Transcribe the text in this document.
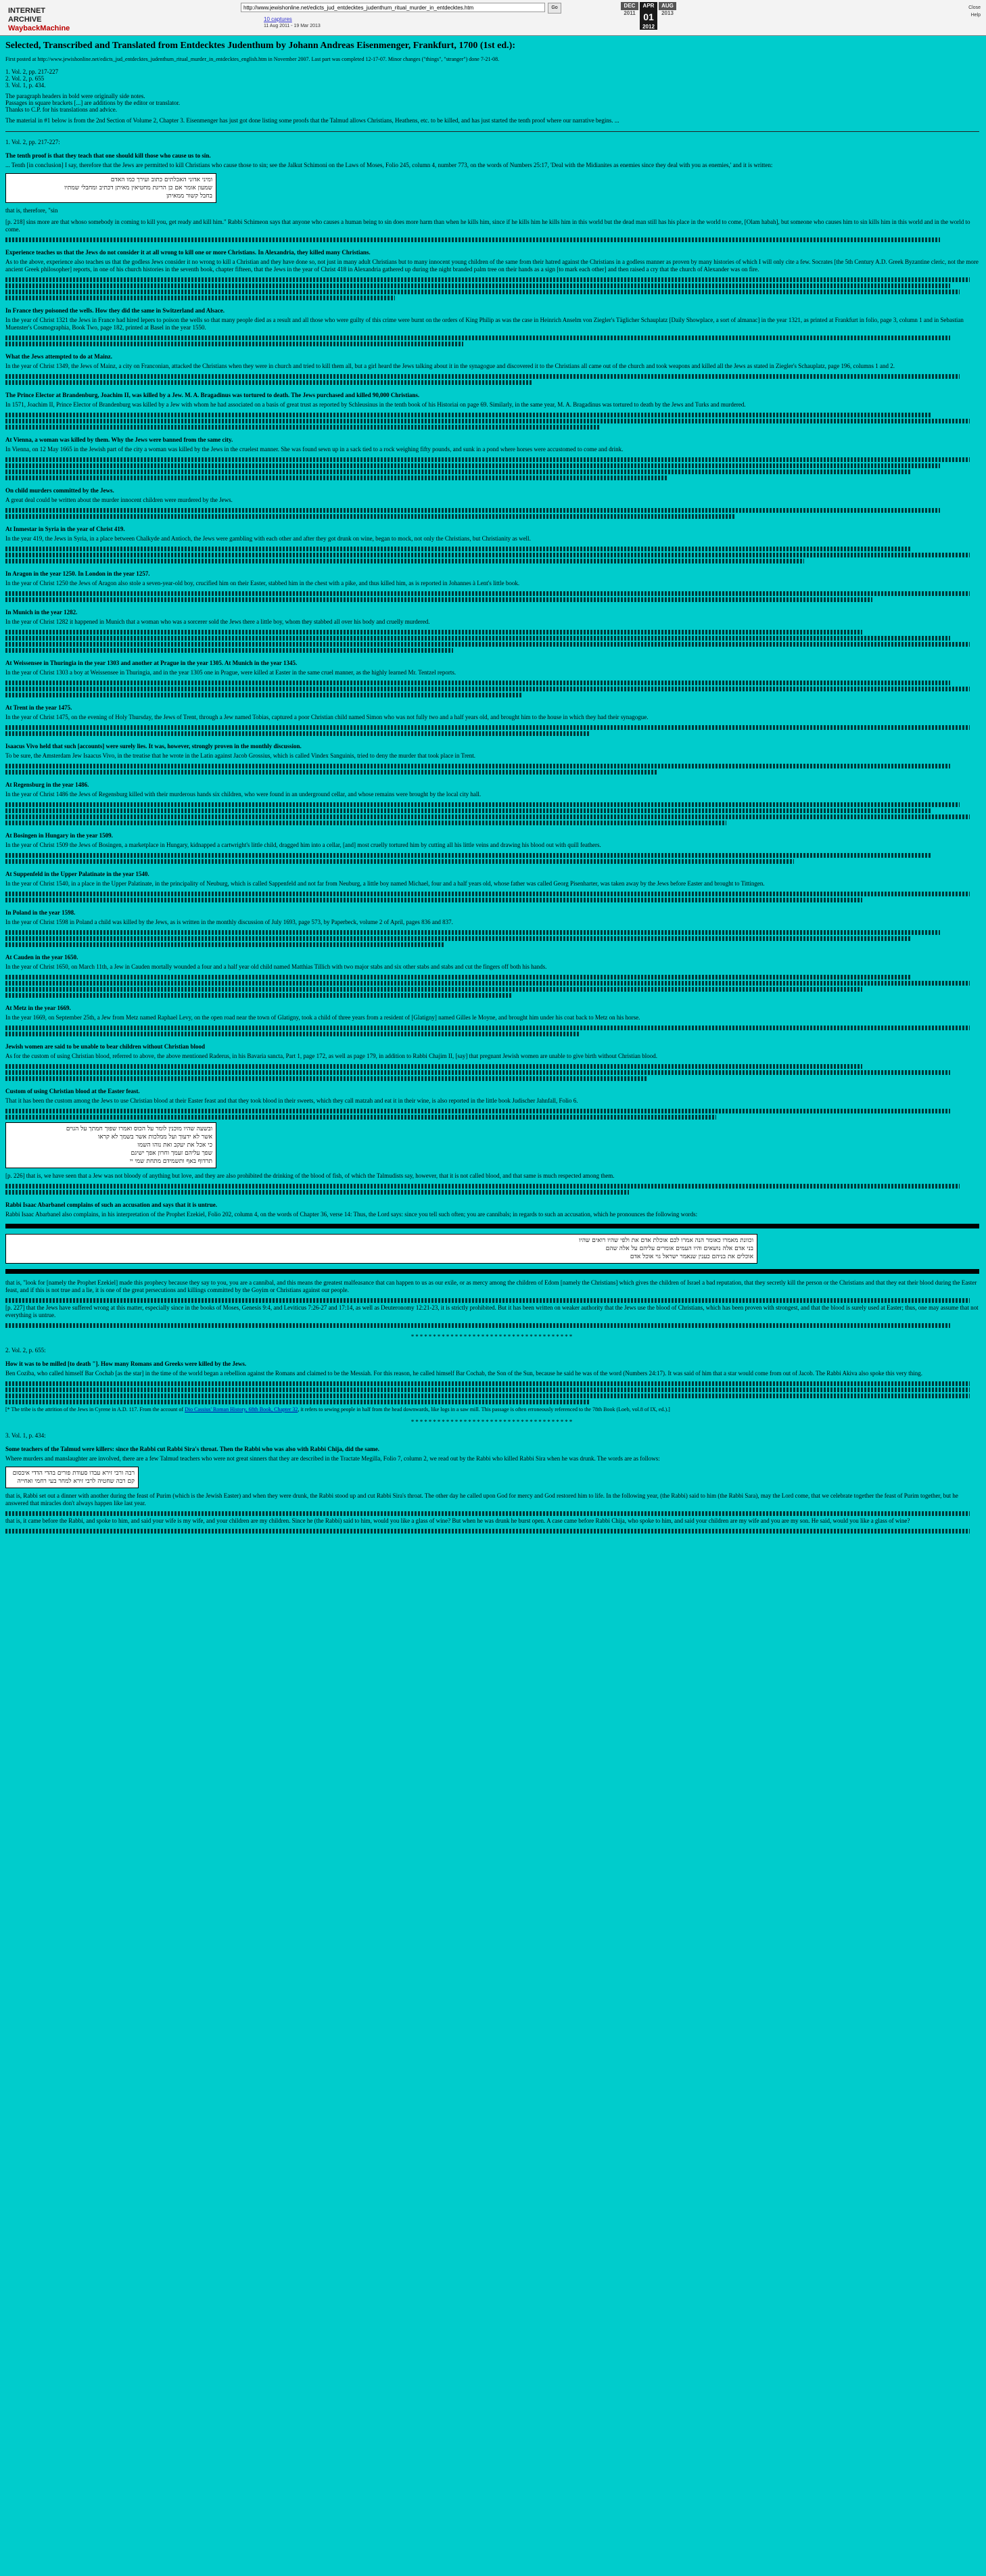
INTERNET ARCHIVE
WaybackMachine
http://www.jewishonline.net/edicts_jud_entdecktes_judenthum_ritual_murder_in_entdecktes.htm	Go
10 captures
11 Aug 2011 - 19 Mar 2013
DEC
2011
APR
01
2012
AUG
2013
Close
Help
Selected, Transcribed and Translated from Entdecktes Judenthum by Johann Andreas Eisenmenger, Frankfurt, 1700 (1st ed.):

First posted at http://www.jewishonline.net/edicts_jud_entdecktes_judenthum_ritual_murder_in_entdecktes_english.htm in November 2007. Last part was completed 12-17-07. Minor changes ("things", "stranger") done 7-21-08.

1. Vol. 2, pp. 217-227
2. Vol. 2, p. 655
3. Vol. 1, p. 434.
The paragraph headers in bold were originally side notes.
Passages in square brackets [...] are additions by the editor or translator.
Thanks to C.P. for his translations and advice.

The material in #1 below is from the 2nd Section of Volume 2, Chapter 3. Eisenmenger has just got done listing some proofs that the Talmud allows Christians, Heathens, etc. to be killed, and has just started the tenth proof where our narrative begins. ...

1. Vol. 2, pp. 217-227:
The tenth proof is that they teach that one should kill those who cause us to sin.

... Tenth [in conclusion] I say, therefore that the Jews are permitted to kill Christians who cause those to sin; see the Jalkut Schimoni on the Laws of Moses, Folio 245, column 4, number 773, on the words of Numbers 25:17, 'Deal with the Midianites as enemies since they deal with you as enemies,' and it is written:

ומיני אדוני האכלתים כתוב ועירך כמו האדם
שמעון אומר אם כן הריגת מחטיאין מאיתן דכתיב ומחבלי שמתיו
בחבל קשור ממאיתן

that is, therefore, "sin

[p. 218] sins more are that whoso somebody in coming to kill you, get ready and kill him." Rabbi Schimeon says that anyone who causes a human being to sin does more harm than when he kills him, since if he kills him he kills him in this world but the dead man still has his place in the world to come, [Olam habah], but someone who causes him to sin kills him in this world and in the world to come.

Experience teaches us that the Jews do not consider it at all wrong to kill one or more Christians. In Alexandria, they killed many Christians.

As to the above, experience also teaches us that the godless Jews consider it no wrong to kill a Christian and they have done so, not just in many adult Christians but to many innocent young children of the same from their hatred against the Christians in a godless manner as proven by many histories of which I will only cite a few. Socrates [the 5th Century A.D. Greek Byzantine cleric, not the more ancient Greek philosopher] reports, in one of his church histories in the seventh book, chapter fifteen, that the Jews in the year of Christ 418 in Alexandria gathered up during the night branded palm tree on their hands as a sign [to mark each other] and then raised a cry that the church of Alexander was on fire.

In France they poisoned the wells. How they did the same in Switzerland and Alsace.

In the year of Christ 1321 the Jews in France had hired lepers to poison the wells so that many people died as a result and all those who were guilty of this crime were burnt on the orders of King Philip as was the case in Heinrich Anselm von Ziegler's Täglicher Schauplatz [Daily Showplace, a sort of almanac] in the year 1321, as printed at Frankfurt in folio, page 3, column 1 and in Sebastian Muenster's Cosmographia, Book Two, page 182, printed at Basel in the year 1550.

What the Jews attempted to do at Mainz.

In the year of Christ 1349, the Jews of Mainz, a city on Franconian, attacked the Christians when they were in church and tried to kill them all, but a girl heard the Jews talking about it in the synagogue and discovered it to the Christians all came out of the church and took weapons and killed all the Jews as stated in Ziegler's Schauplatz, page 196, columns 1 and 2.

The Prince Elector at Brandenburg, Joachim II, was killed by a Jew. M. A. Bragadinus was tortured to death. The Jews purchased and killed 90,000 Christians.

In 1571, Joachim II, Prince Elector of Brandenburg was killed by a Jew with whom he had associated on a basis of great trust as reported by Schleusinus in the tenth book of his Historiai on page 69. Similarly, in the same year, M. A. Bragadinus was tortured to death by the Jews and Turks and murdered.

At Vienna, a woman was killed by them. Why the Jews were banned from the same city.

In Vienna, on 12 May 1665 in the Jewish part of the city a woman was killed by the Jews in the cruelest manner. She was found sewn up in a sack tied to a rock weighing fifty pounds, and sunk in a pond where horses were accustomed to come and drink.

On child murders committed by the Jews.

A great deal could be written about the murder innocent children were murdered by the Jews.

At Inmestar in Syria in the year of Christ 419.

In the year 419, the Jews in Syria, in a place between Chalkyde and Antioch, the Jews were gambling with each other and after they got drunk on wine, began to mock, not only the Christians, but Christianity as well.

In Aragon in the year 1250. In London in the year 1257.

In the year of Christ 1250 the Jews of Aragon also stole a seven-year-old boy, crucified him on their Easter, stabbed him in the chest with a pike, and thus killed him, as is reported in Johannes à Lent's little book.

In Munich in the year 1282.

In the year of Christ 1282 it happened in Munich that a woman who was a sorcerer sold the Jews there a little boy, whom they stabbed all over his body and cruelly murdered.

At Weissensee in Thuringia in the year 1303 and another at Prague in the year 1305. At Munich in the year 1345.

In the year of Christ 1303 a boy at Weissensee in Thuringia, and in the year 1305 one in Prague, were killed at Easter in the same cruel manner, as the highly learned Mr. Tentzel reports.

At Trent in the year 1475.

In the year of Christ 1475, on the evening of Holy Thursday, the Jews of Trent, through a Jew named Tobias, captured a poor Christian child named Simon who was not fully two and a half years old, and brought him to the house in which they had their synagogue.

Isaacus Vivo held that such [accounts] were surely lies. It was, however, strongly proven in the monthly discussion.

To be sure, the Amsterdam Jew Isaacus Vivo, in the treatise that he wrote in the Latin against Jacob Grossius, which is called Vindex Sanguinis, tried to deny the murder that took place in Trent.

At Regensburg in the year 1486.

In the year of Christ 1486 the Jews of Regensburg killed with their murderous hands six children, who were found in an underground cellar, and whose remains were brought by the local city hall.

At Bosingen in Hungary in the year 1509.

In the year of Christ 1509 the Jews of Bosingen, a marketplace in Hungary, kidnapped a cartwright's little child, dragged him into a cellar, [and] most cruelly tortured him by cutting all his little veins and drawing his blood out with quill feathers.

At Suppenfeld in the Upper Palatinate in the year 1540.

In the year of Christ 1540, in a place in the Upper Palatinate, in the principality of Neuburg, which is called Sappenfeld and not far from Neuburg, a little boy named Michael, four and a half years old, whose father was called Georg Pisenharter, was taken away by the Jews before Easter and brought to Tittingen.

In Poland in the year 1598.

In the year of Christ 1598 in Poland a child was killed by the Jews, as is written in the monthly discussion of July 1693, page 573, by Paperbeck, volume 2 of April, pages 836 and 837.

At Cauden in the year 1650.

In the year of Christ 1650, on March 11th, a Jew in Cauden mortally wounded a four and a half year old child named Matthias Tillich with two major stabs and six other stabs and stabs and cut the fingers off both his hands.

At Metz in the year 1669.

In the year 1669, on September 25th, a Jew from Metz named Raphael Levy, on the open road near the town of Glatigny, took a child of three years from a resident of [Glatigny] named Gilles le Moyne, and brought him under his coat back to Metz on his horse.

Jewish women are said to be unable to bear children without Christian blood

As for the custom of using Christian blood, referred to above, the above mentioned Raderus, in his Bavaria sancta, Part 1, page 172, as well as page 179, in addition to Rabbi Chajim II, [say] that pregnant Jewish women are unable to give birth without Christian blood.

Custom of using Christian blood at the Easter feast.

That it has been the custom among the Jews to use Christian blood at their Easter feast and that they took blood in their sweets, which they call matzah and eat it in their wine, is also reported in the little book Judischer Jahnfall, Folio 6.

ובשעה שהיו מוכנין לומר על הכוס ואמרו שפוך חמתך על הגוים
אשר לא ידעוך ועל ממלכות אשר בשמך לא קראו
כי אכל את יעקב ואת נוהו השמו
שפך עליהם זעמך וחרון אפך ישיגם
תרדוף באף ותשמידם מתחת שמי יי

[p. 226] that is, we have seen that a Jew was not bloody of anything but love, and they are also prohibited the drinking of the blood of fish, of which the Talmudists say, however, that it is not called blood, and that same is much respected among them.

Rabbi Isaac Abarbanel complains of such an accusation and says that it is untrue.

Rabbi Isaac Abarbanel also complains, in his interpretation of the Prophet Ezekiel, Folio 202, column 4, on the words of Chapter 36, verse 14: Thus, the Lord says: since you tell such often; you are cannibals; in regards to such an accusation, which he pronounces the following words:

וכוונת מאמרו כאומר הנה אמרו לכם אוכלת אדם את ולפי שהיו רואים שהיו
בני אדם אלה נושאים והיו העמים אומרים עליהם על אלה שהם
אוכלים את בניהם כענין שנאמר ישראל גוי אוכל אדם

that is, "look for [namely the Prophet Ezekiel] made this prophecy because they say to you, you are a cannibal, and this means the greatest malfeasance that can happen to us as our exile, or as mercy among the children of Edom [namely the Christians] which gives the children of Israel a bad reputation, that they secretly kill the person or the Christians and that they eat their blood during the Easter feast, and if this is not true and a lie, it is one of the great persecutions and killings committed by the Goyim or Christians against our people.

[p. 227] that the Jews have suffered wrong at this matter, especially since in the books of Moses, Genesis 9:4, and Leviticus 7:26-27 and 17:14, as well as Deuteronomy 12:21-23, it is strictly prohibited. But it has been written on weaker authority that the Jews use the blood of Christians, which has been proven with strongest, and that the blood is surely used at Easter; thus, one may assume that not everything is untrue.

*************************************
2. Vol. 2, p. 655:
How it was to be milled [to death "]. How many Romans and Greeks were killed by the Jews.

Ben Coziba, who called himself Bar Cochab [as the star] in the time of the world began a rebellion against the Romans and claimed to be the Messiah. For this reason, he called himself Bar Cochab, the Son of the Sun, because he said he was of the word (Numbers 24:17). It was said of him that a star would come from out of Jacob. The Rabbi Akiva also spoke this very thing.

[* The tribe is the attrition of the Jews in Cyrene in A.D. 117. From the account of Dio Cassius' Roman History, 68th Book, Chapter 32, it refers to sewing people in half from the head downwards, like logs in a saw mill. This passage is often erroneously referenced to the 78th Book (Loeb, vol.8 of IX, ed.).]

*************************************
3. Vol. 1, p. 434:
Some teachers of the Talmud were killers: since the Rabbi cut Rabbi Sira's throat. Then the Rabbi who was also with Rabbi Chija, did the same.

Where murders and manslaughter are involved, there are a few Talmud teachers who were not great sinners that they are described in the Tractate Megilla, Folio 7, column 2, we read out by the Rabbi who killed Rabbi Sira when he was drunk. The words are as follows:

רבה ורבי זירא עבדו סעודת פורים בהדי הדדי איבסום
קם רבה שחטיה לרבי זירא למחר בעי רחמי ואחייה

that is, Rabbi set out a dinner with another during the feast of Purim (which is the Jewish Easter) and when they were drunk, the Rabbi stood up and cut Rabbi Sira's throat. The other day he called upon God for mercy and God restored him to life. In the following year, (the Rabbi) said to him (the Rabbi Sara), may the Lord come, that we celebrate together the feast of Purim together, but he answered that miracles don't always happen like last year.

that is, it came before the Rabbi, and spoke to him, and said your wife is my wife, and your children are my children. Since he (the Rabbi) said to him, would you like a glass of wine? But when he was drunk he burst open. A case came before Rabbi Chija, who spoke to him, and said your children are my wife and you are my son. He said, would you like a glass of wine?
